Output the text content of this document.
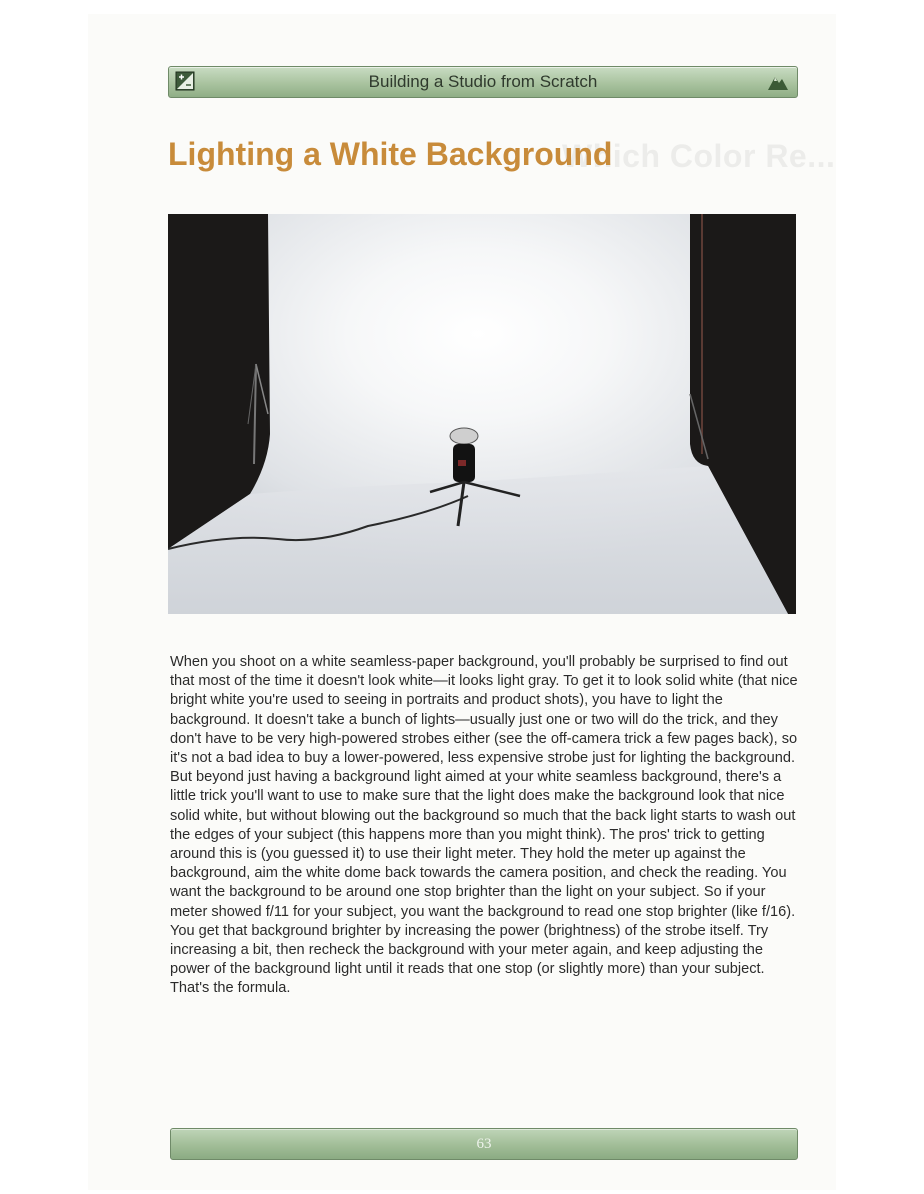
Building a Studio from Scratch
Which Color Re...
Lighting a White Background

When you shoot on a white seamless-paper background, you'll probably be surprised to find out that most of the time it doesn't look white—it looks light gray. To get it to look solid white (that nice bright white you're used to seeing in portraits and product shots), you have to light the background. It doesn't take a bunch of lights—usually just one or two will do the trick, and they don't have to be very high-powered strobes either (see the off-camera trick a few pages back), so it's not a bad idea to buy a lower-powered, less expensive strobe just for lighting the background. But beyond just having a background light aimed at your white seamless background, there's a little trick you'll want to use to make sure that the light does make the background look that nice solid white, but without blowing out the background so much that the back light starts to wash out the edges of your subject (this happens more than you might think). The pros' trick to getting around this is (you guessed it) to use their light meter. They hold the meter up against the background, aim the white dome back towards the camera position, and check the reading. You want the background to be around one stop brighter than the light on your subject. So if your meter showed f/11 for your subject, you want the background to read one stop brighter (like f/16). You get that background brighter by increasing the power (brightness) of the strobe itself. Try increasing a bit, then recheck the background with your meter again, and keep adjusting the power of the background light until it reads that one stop (or slightly more) than your subject. That's the formula.

63
